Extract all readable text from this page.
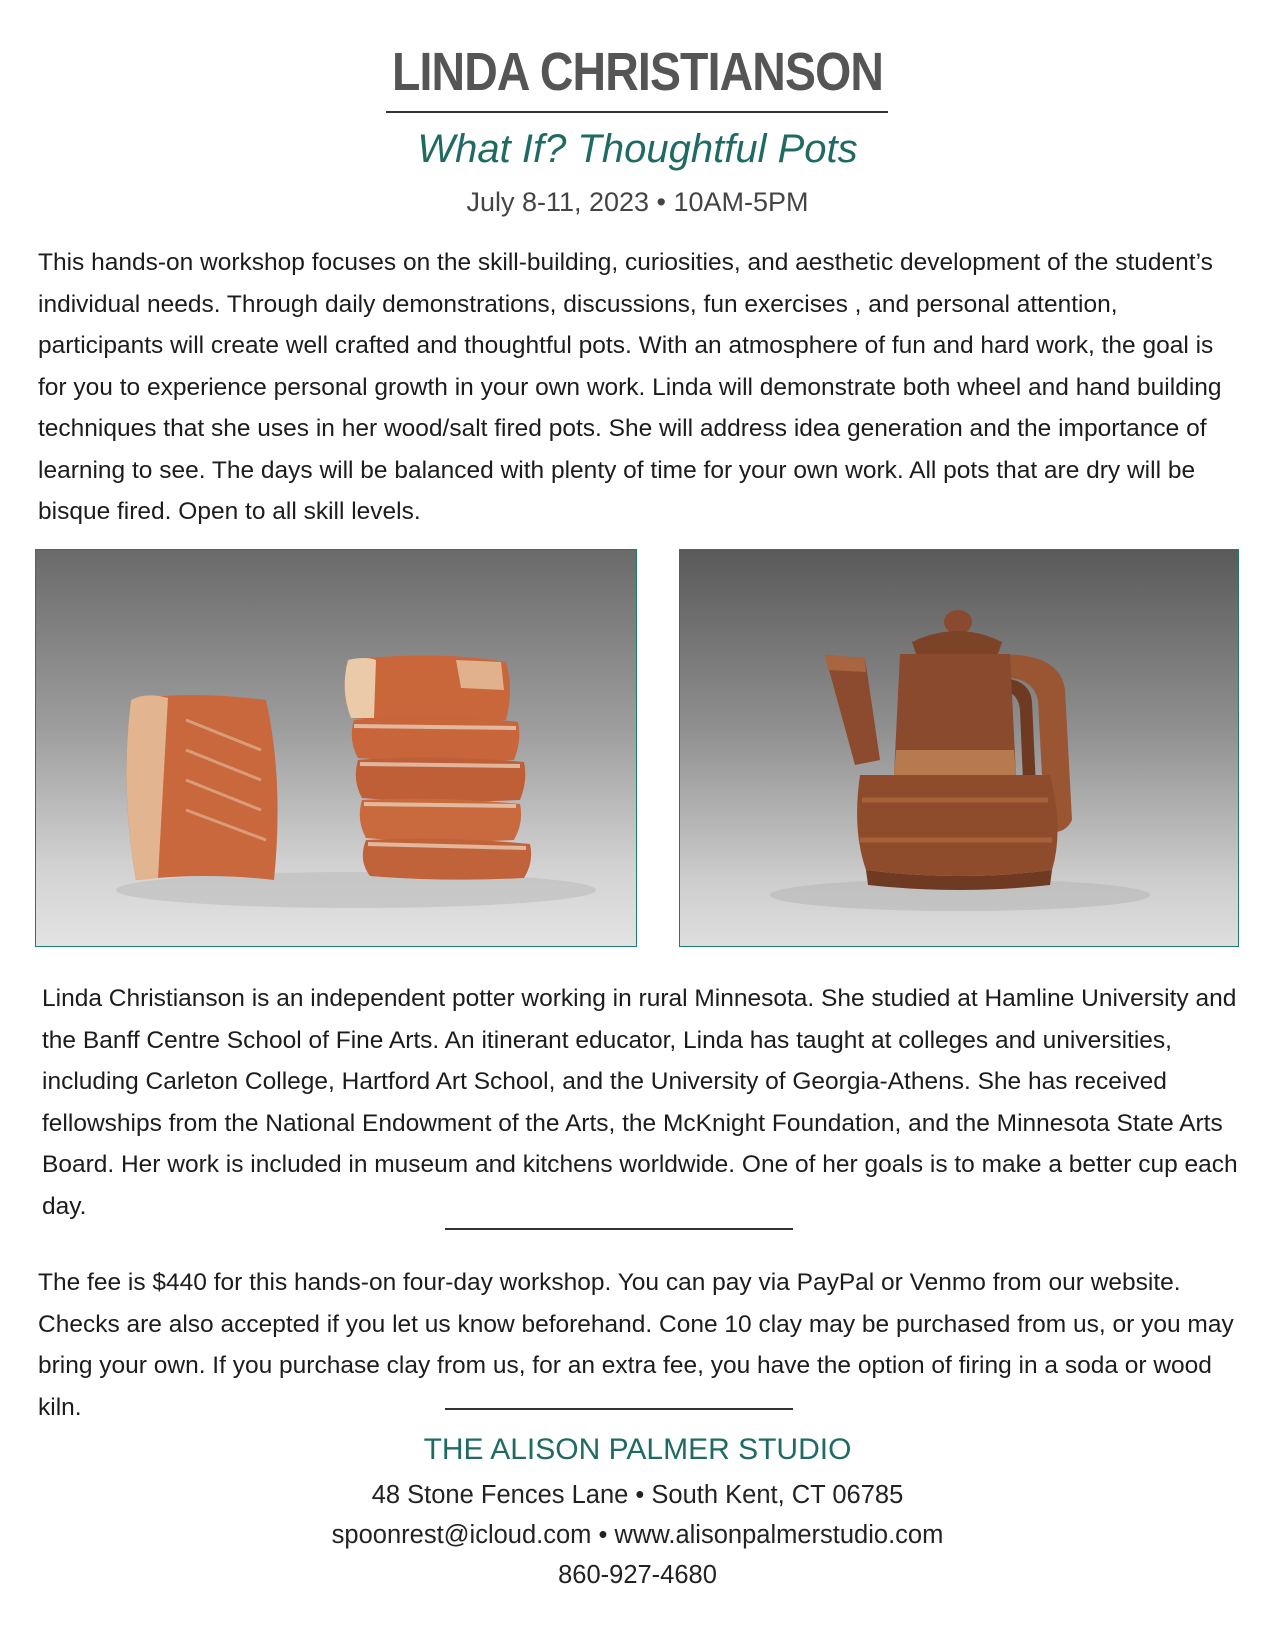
LINDA CHRISTIANSON
What If? Thoughtful Pots
July 8-11, 2023 • 10AM-5PM

This hands-on workshop focuses on the skill-building, curiosities, and aesthetic development of the student’s individual needs. Through daily demonstrations, discussions, fun exercises , and personal attention, participants will create well crafted and thoughtful pots. With an atmosphere of fun and hard work, the goal is for you to experience personal growth in your own work. Linda will demonstrate both wheel and hand building techniques that she uses in her wood/salt fired pots. She will address idea generation and the importance of learning to see. The days will be balanced with plenty of time for your own work. All pots that are dry will be bisque fired. Open to all skill levels.

Linda Christianson is an independent potter working in rural Minnesota. She studied at Hamline University and the Banff Centre School of Fine Arts. An itinerant educator, Linda has taught at colleges and universities, including Carleton College, Hartford Art School, and the University of Georgia-Athens. She has received fellowships from the National Endowment of the Arts, the McKnight Foundation, and the Minnesota State Arts Board. Her work is included in museum and kitchens worldwide. One of her goals is to make a better cup each day.

The fee is $440 for this hands-on four-day workshop. You can pay via PayPal or Venmo from our website. Checks are also accepted if you let us know beforehand. Cone 10 clay may be purchased from us, or you may bring your own. If you purchase clay from us, for an extra fee, you have the option of firing in a soda or wood kiln.

THE ALISON PALMER STUDIO
48 Stone Fences Lane • South Kent, CT 06785
spoonrest@icloud.com • www.alisonpalmerstudio.com
860-927-4680
